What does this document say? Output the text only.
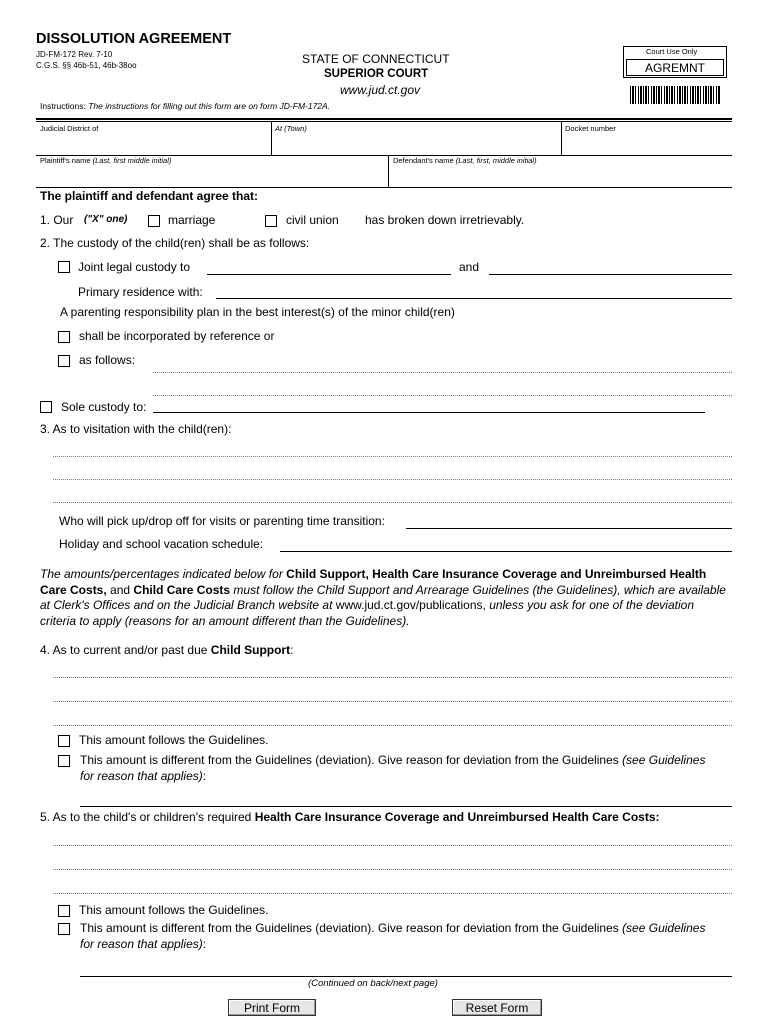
DISSOLUTION AGREEMENT
JD-FM-172 Rev. 7-10
C.G.S. §§ 46b-51, 46b-38oo	STATE OF CONNECTICUT
SUPERIOR COURT
www.jud.ct.gov
Court Use Only
AGREMNT
Instructions: The instructions for filling out this form are on form JD-FM-172A.
Judicial District of	At (Town)	Docket number
Plaintiff's name (Last, first middle initial)	Defendant's name (Last, first, middle initial)
The plaintiff and defendant agree that:
1. Our ("X" one)	marriage	civil union has broken down irretrievably.
2. The custody of the child(ren) shall be as follows:
Joint legal custody to	and
Primary residence with:
A parenting responsibility plan in the best interest(s) of the minor child(ren)
shall be incorporated by reference or
as follows:
Sole custody to:
3. As to visitation with the child(ren):
Who will pick up/drop off for visits or parenting time transition:
Holiday and school vacation schedule:
The amounts/percentages indicated below for Child Support, Health Care Insurance Coverage and Unreimbursed Health Care Costs, and Child Care Costs must follow the Child Support and Arrearage Guidelines (the Guidelines), which are available at Clerk's Offices and on the Judicial Branch website at www.jud.ct.gov/publications, unless you ask for one of the deviation criteria to apply (reasons for an amount different than the Guidelines).
4. As to current and/or past due Child Support:
This amount follows the Guidelines.
This amount is different from the Guidelines (deviation). Give reason for deviation from the Guidelines (see Guidelines for reason that applies):
5. As to the child's or children's required Health Care Insurance Coverage and Unreimbursed Health Care Costs:
This amount follows the Guidelines.
This amount is different from the Guidelines (deviation). Give reason for deviation from the Guidelines (see Guidelines for reason that applies):
(Continued on back/next page)
Print Form	Reset Form
